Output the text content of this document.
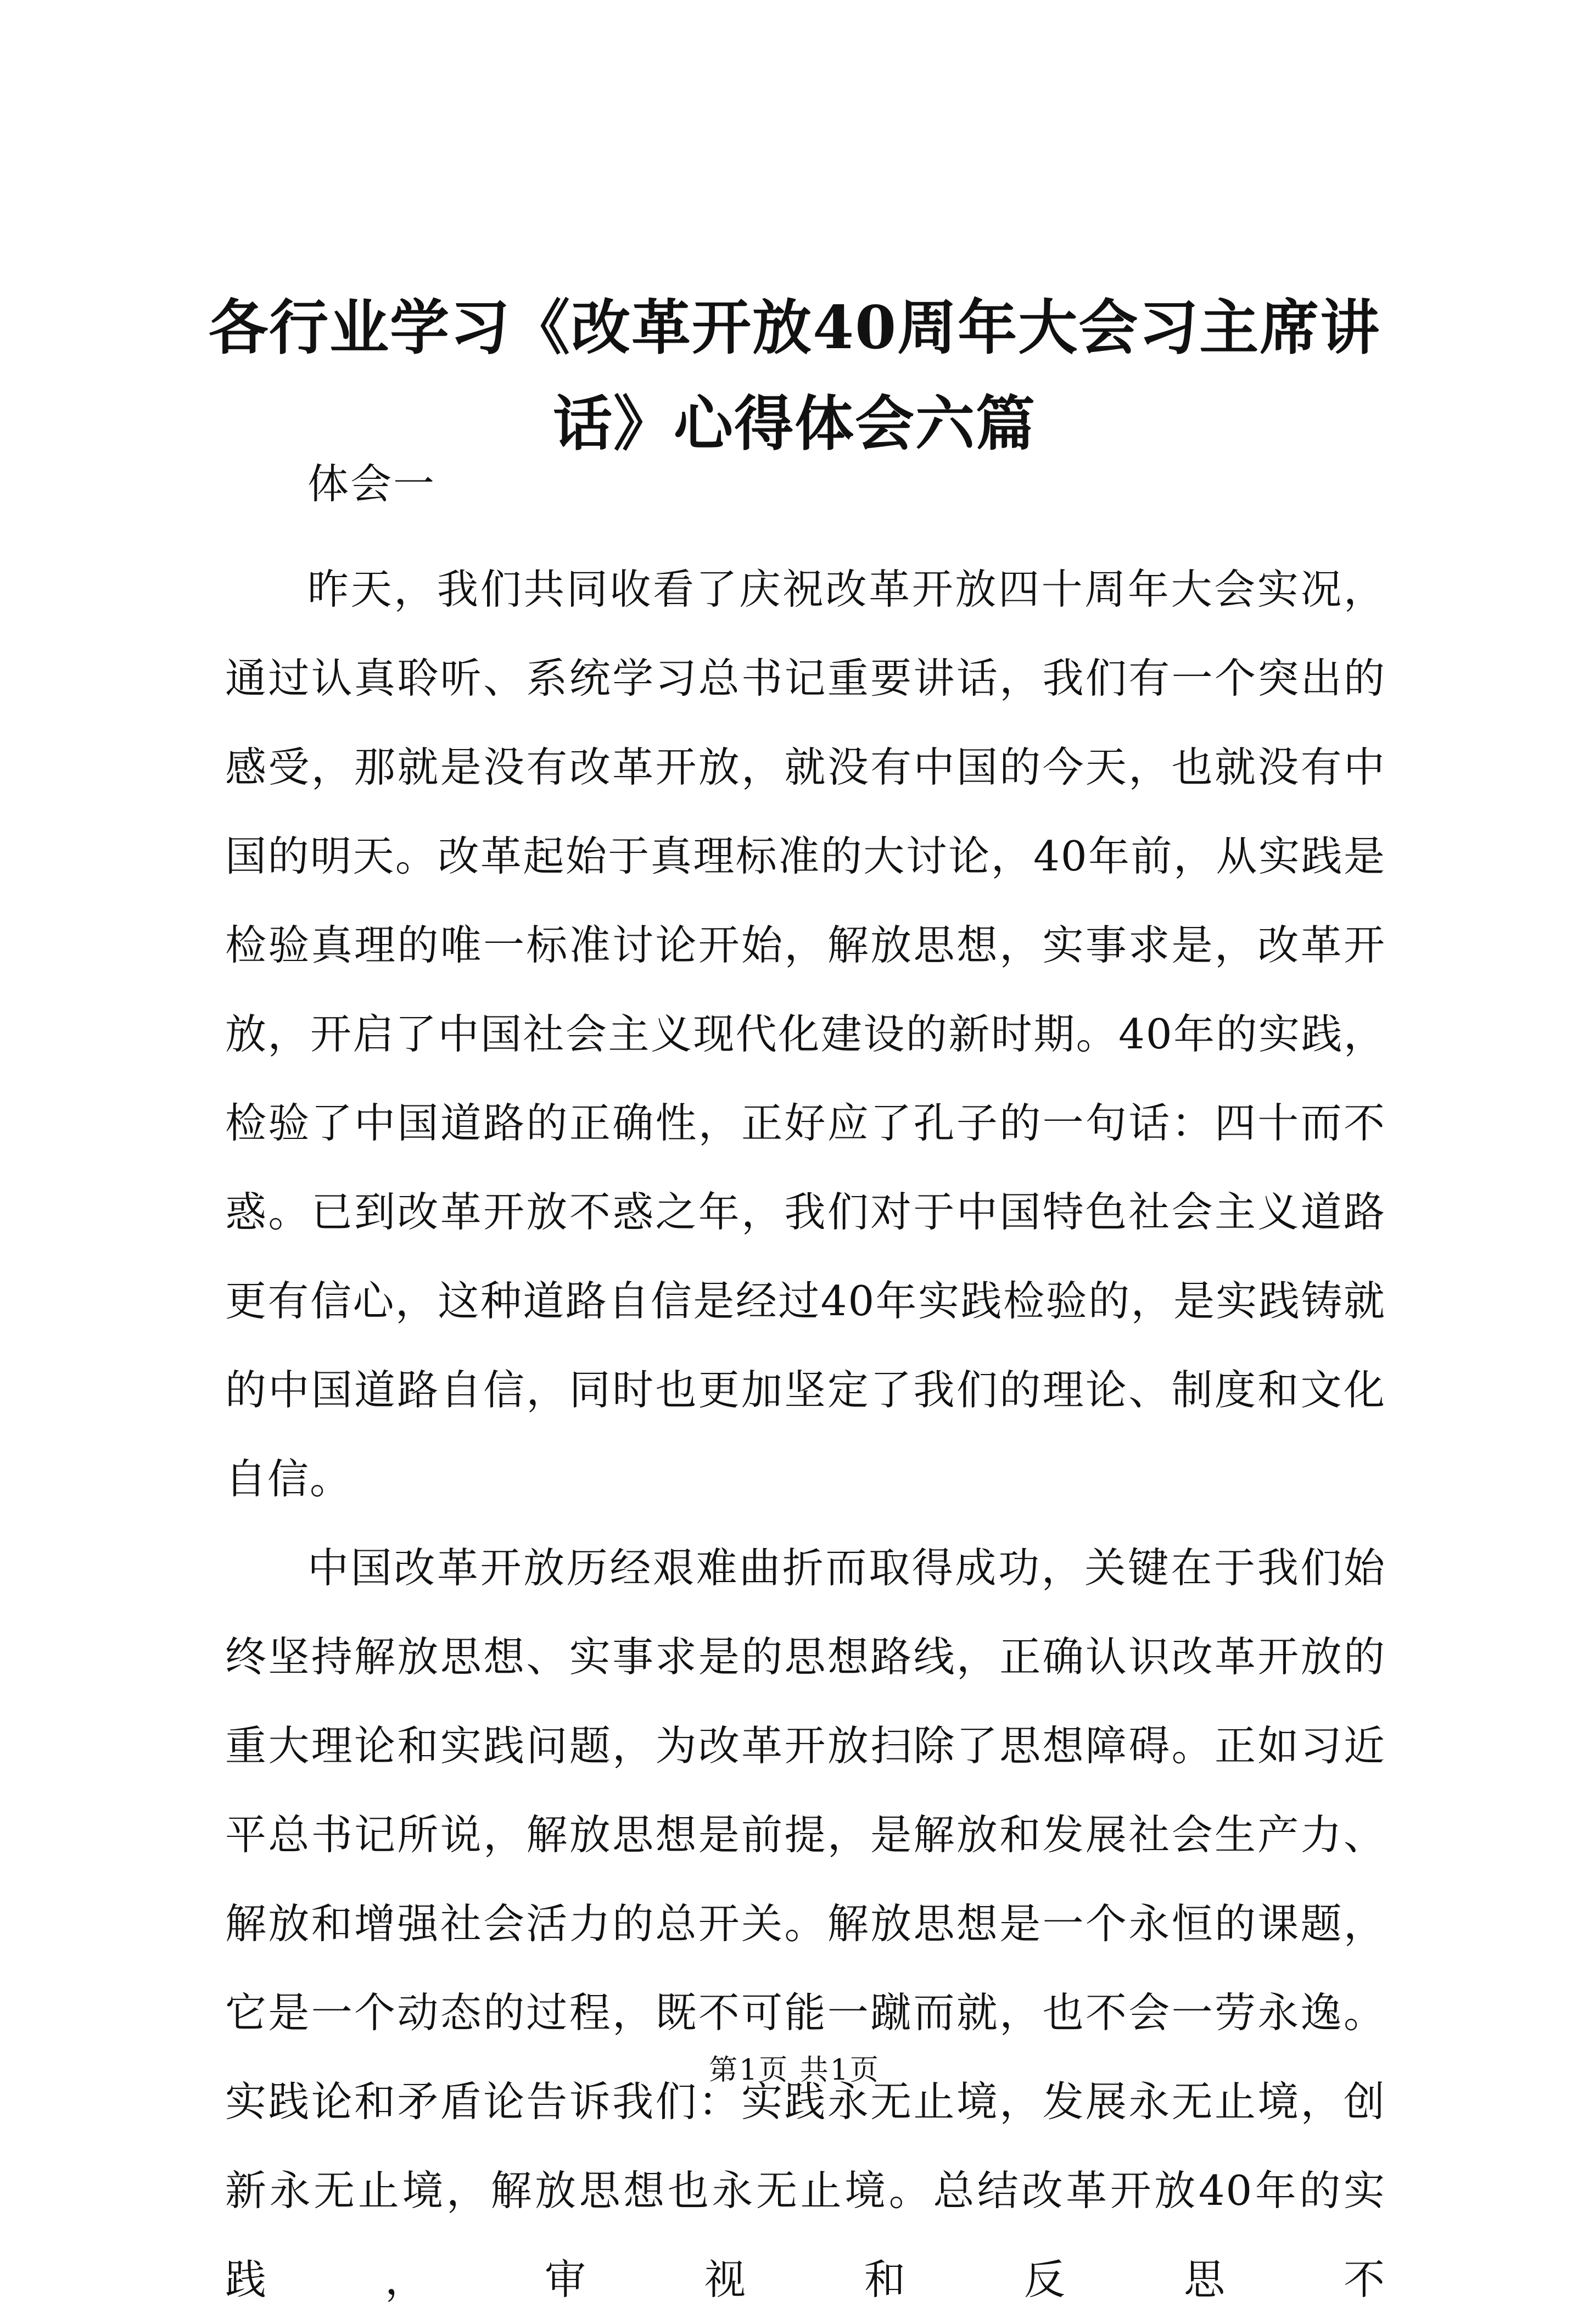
各行业学习《改革开放40周年大会习主席讲
话》心得体会六篇

体会一

昨天，我们共同收看了庆祝改革开放四十周年大会实况，通过认真聆听、系统学习总书记重要讲话，我们有一个突出的感受，那就是没有改革开放，就没有中国的今天，也就没有中国的明天。改革起始于真理标准的大讨论，40年前，从实践是检验真理的唯一标准讨论开始，解放思想，实事求是，改革开放，开启了中国社会主义现代化建设的新时期。40年的实践，检验了中国道路的正确性，正好应了孔子的一句话：四十而不惑。已到改革开放不惑之年，我们对于中国特色社会主义道路更有信心，这种道路自信是经过40年实践检验的，是实践铸就的中国道路自信，同时也更加坚定了我们的理论、制度和文化自信。

中国改革开放历经艰难曲折而取得成功，关键在于我们始终坚持解放思想、实事求是的思想路线，正确认识改革开放的重大理论和实践问题，为改革开放扫除了思想障碍。正如习近平总书记所说，解放思想是前提，是解放和发展社会生产力、解放和增强社会活力的总开关。解放思想是一个永恒的课题，它是一个动态的过程，既不可能一蹴而就，也不会一劳永逸。实践论和矛盾论告诉我们：实践永无止境，发展永无止境，创新永无止境，解放思想也永无止境。总结改革开放40年的实践，审视和反思不

第1页 共1页
